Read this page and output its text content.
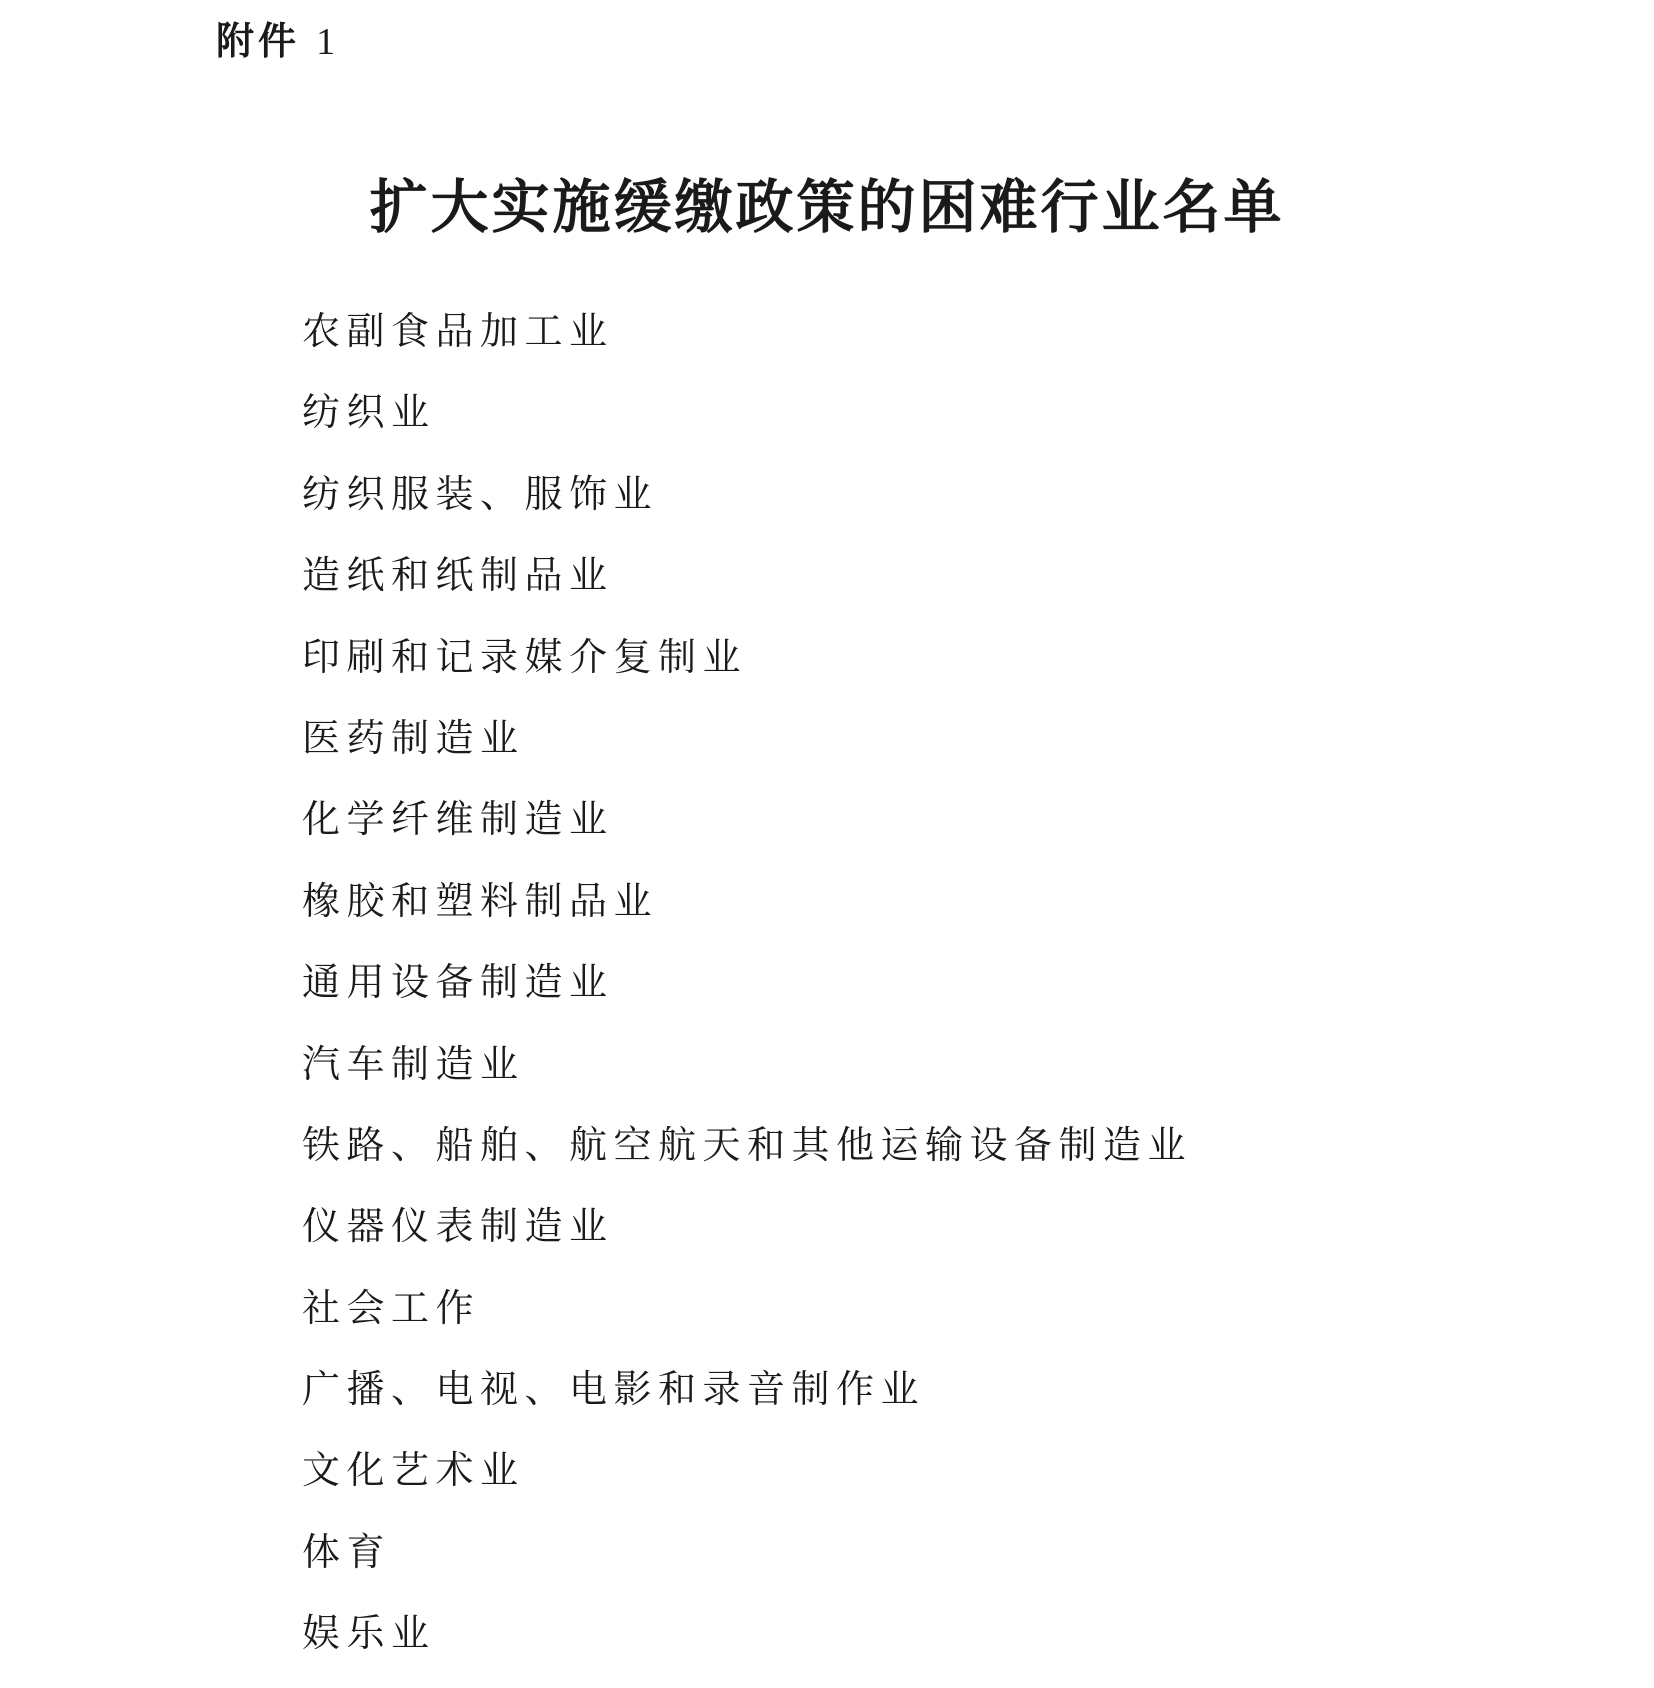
附件 1
扩大实施缓缴政策的困难行业名单
农副食品加工业
纺织业
纺织服装、服饰业
造纸和纸制品业
印刷和记录媒介复制业
医药制造业
化学纤维制造业
橡胶和塑料制品业
通用设备制造业
汽车制造业
铁路、船舶、航空航天和其他运输设备制造业
仪器仪表制造业
社会工作
广播、电视、电影和录音制作业
文化艺术业
体育
娱乐业
